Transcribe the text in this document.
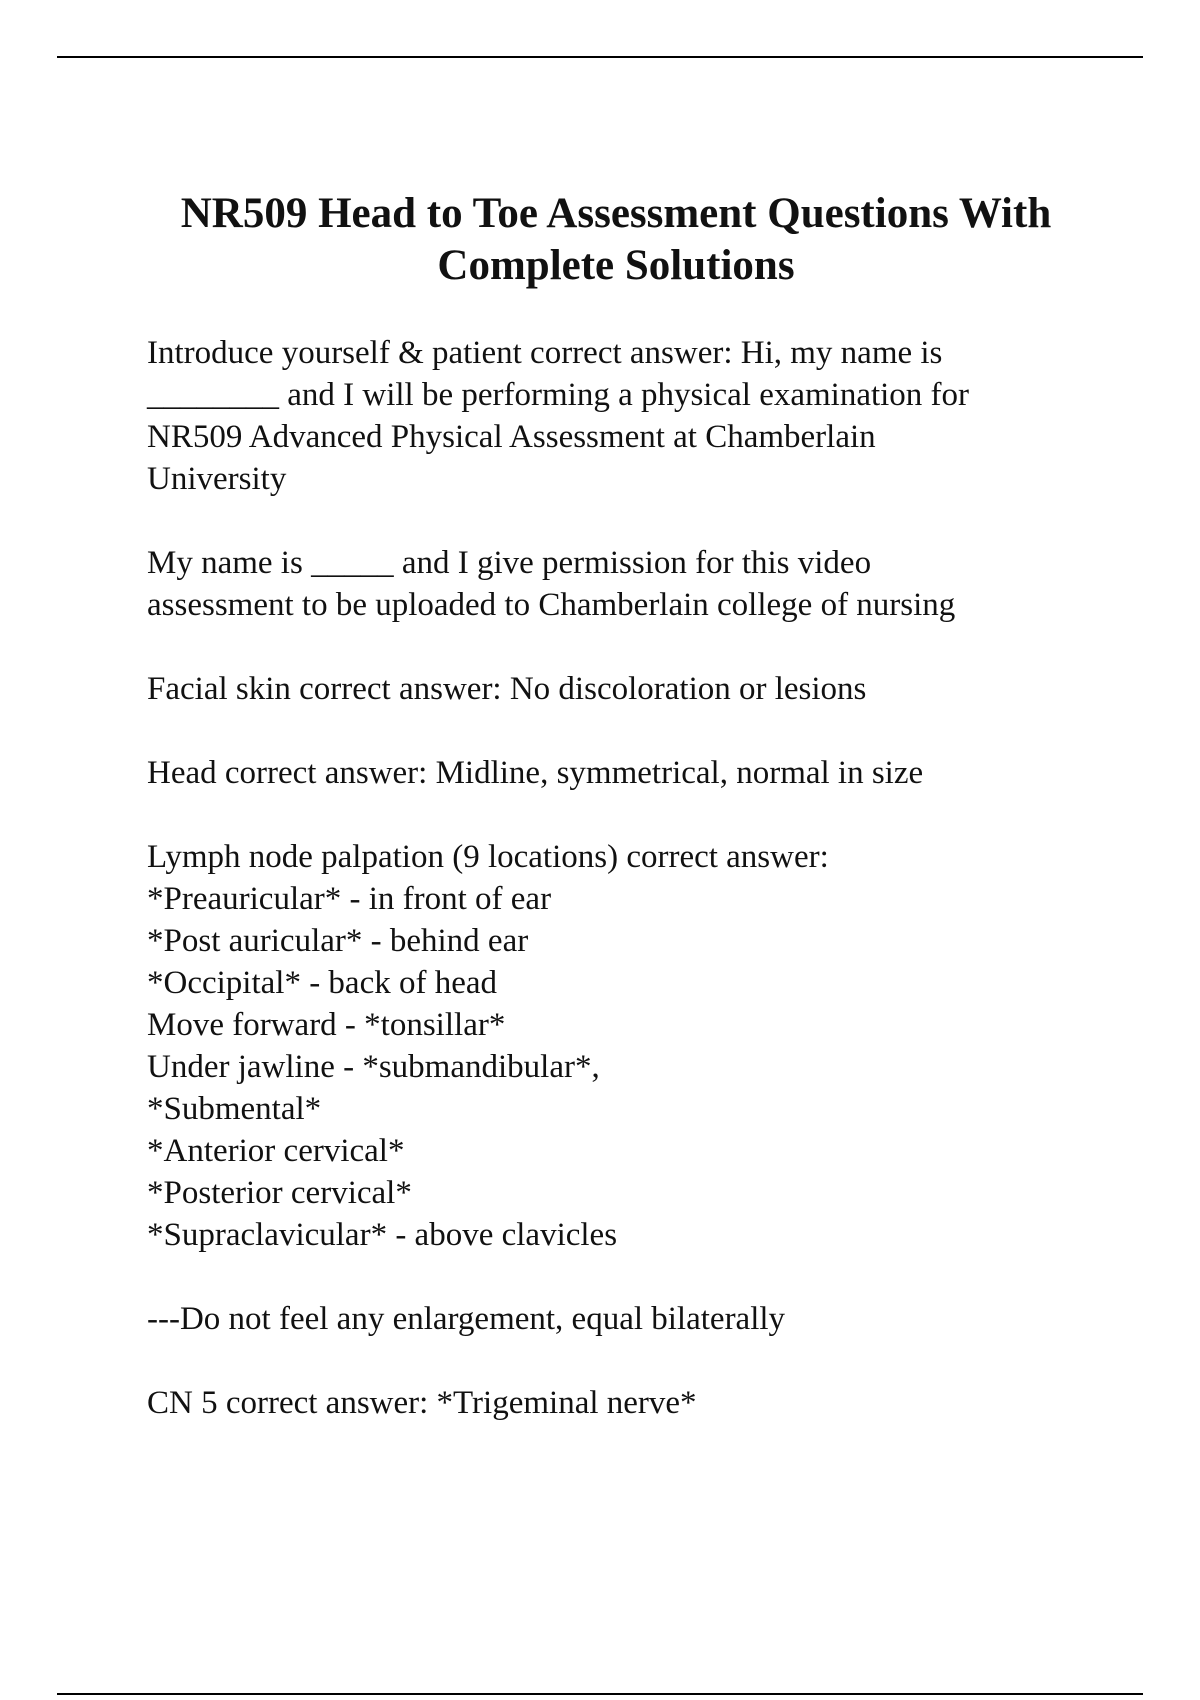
NR509 Head to Toe Assessment Questions With
Complete Solutions

Introduce yourself & patient correct answer: Hi, my name is
________ and I will be performing a physical examination for
NR509 Advanced Physical Assessment at Chamberlain
University

My name is _____ and I give permission for this video
assessment to be uploaded to Chamberlain college of nursing

Facial skin correct answer: No discoloration or lesions

Head correct answer: Midline, symmetrical, normal in size

Lymph node palpation (9 locations) correct answer:
*Preauricular* - in front of ear
*Post auricular* - behind ear
*Occipital* - back of head
Move forward - *tonsillar*
Under jawline - *submandibular*,
*Submental*
*Anterior cervical*
*Posterior cervical*
*Supraclavicular* - above clavicles

---Do not feel any enlargement, equal bilaterally

CN 5 correct answer: *Trigeminal nerve*
